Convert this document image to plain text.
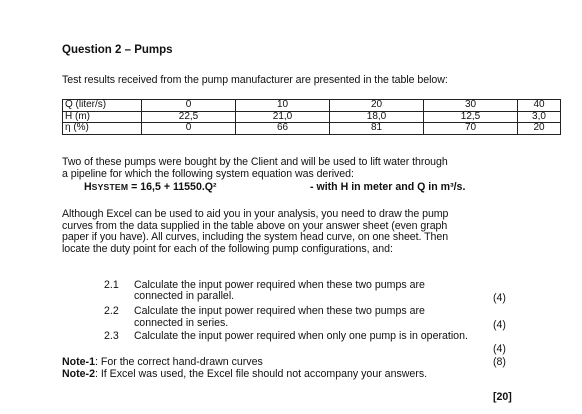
Question 2 – Pumps
Test results received from the pump manufacturer are presented in the table below:
Q (liter/s)	0	10	20	30	40
H (m)	22,5	21,0	18,0	12,5	3,0
η (%)	0	66	81	70	20
Two of these pumps were bought by the Client and will be used to lift water through
a pipeline for which the following system equation was derived:
HSYSTEM = 16,5 + 11550.Q²	- with H in meter and Q in m³/s.
Although Excel can be used to aid you in your analysis, you need to draw the pump
curves from the data supplied in the table above on your answer sheet (even graph
paper if you have). All curves, including the system head curve, on one sheet. Then
locate the duty point for each of the following pump configurations, and:
2.1 Calculate the input power required when these two pumps are
connected in parallel.	(4)
2.2 Calculate the input power required when these two pumps are
connected in series.	(4)
2.3 Calculate the input power required when only one pump is in operation.
(4)
Note-1: For the correct hand-drawn curves	(8)
Note-2: If Excel was used, the Excel file should not accompany your answers.
[20]
